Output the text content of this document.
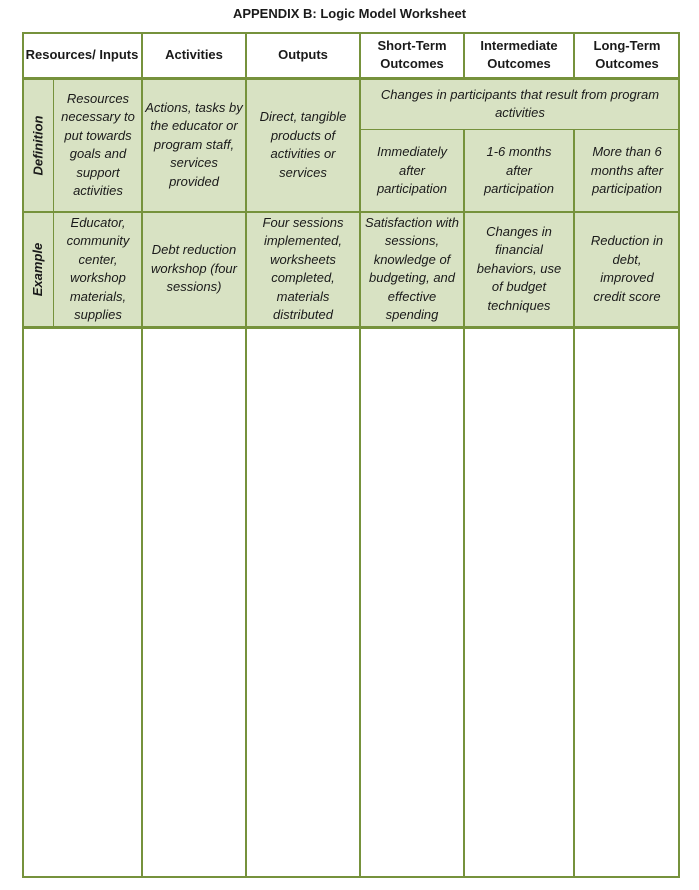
APPENDIX B: Logic Model Worksheet
Resources/ Inputs Activities	Outputs
Short-Term Outcomes
Intermediate Outcomes
Long-Term Outcomes
Definition
Resources necessary to put towards goals and support activities
Actions, tasks by the educator or program staff, services provided
Direct, tangible products of activities or services
Changes in participants that result from program activities
Immediately after participation
1-6 months after participation
More than 6 months after participation
Example
Educator, community center, workshop materials, supplies
Debt reduction workshop (four sessions)
Four sessions implemented, worksheets completed, materials distributed
Satisfaction with sessions, knowledge of budgeting, and effective spending
Changes in financial behaviors, use of budget techniques
Reduction in debt, improved credit score
